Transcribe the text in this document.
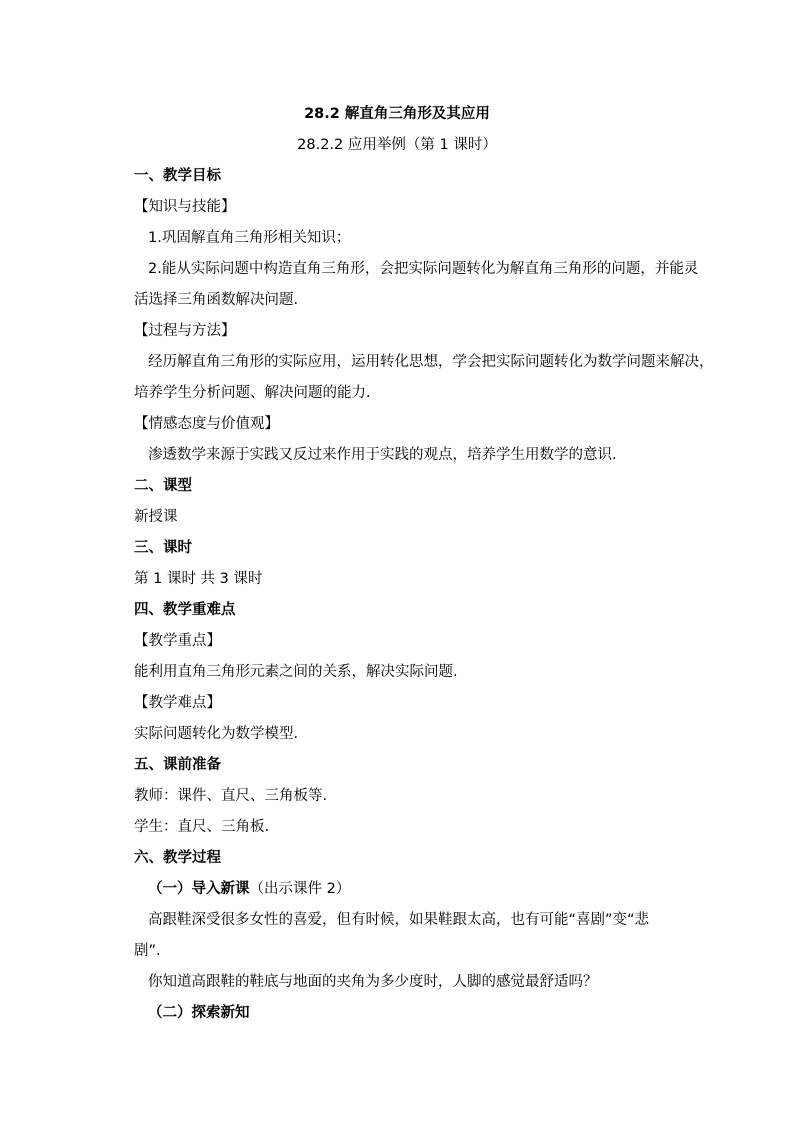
28.2 解直角三角形及其应用
28.2.2 应用举例（第 1 课时）
一、教学目标
【知识与技能】
1.巩固解直角三角形相关知识；
2.能从实际问题中构造直角三角形，会把实际问题转化为解直角三角形的问题，并能灵
活选择三角函数解决问题.
【过程与方法】
经历解直角三角形的实际应用，运用转化思想，学会把实际问题转化为数学问题来解决，
培养学生分析问题、解决问题的能力.
【情感态度与价值观】
渗透数学来源于实践又反过来作用于实践的观点，培养学生用数学的意识.
二、课型
新授课
三、课时
第 1 课时 共 3 课时
四、教学重难点
【教学重点】
能利用直角三角形元素之间的关系，解决实际问题.
【教学难点】
实际问题转化为数学模型.
五、课前准备
教师：课件、直尺、三角板等.
学生：直尺、三角板.
六、教学过程
（一）导入新课（出示课件 2）
高跟鞋深受很多女性的喜爱，但有时候，如果鞋跟太高，也有可能“喜剧”变“悲
剧”.
你知道高跟鞋的鞋底与地面的夹角为多少度时，人脚的感觉最舒适吗？
（二）探索新知
